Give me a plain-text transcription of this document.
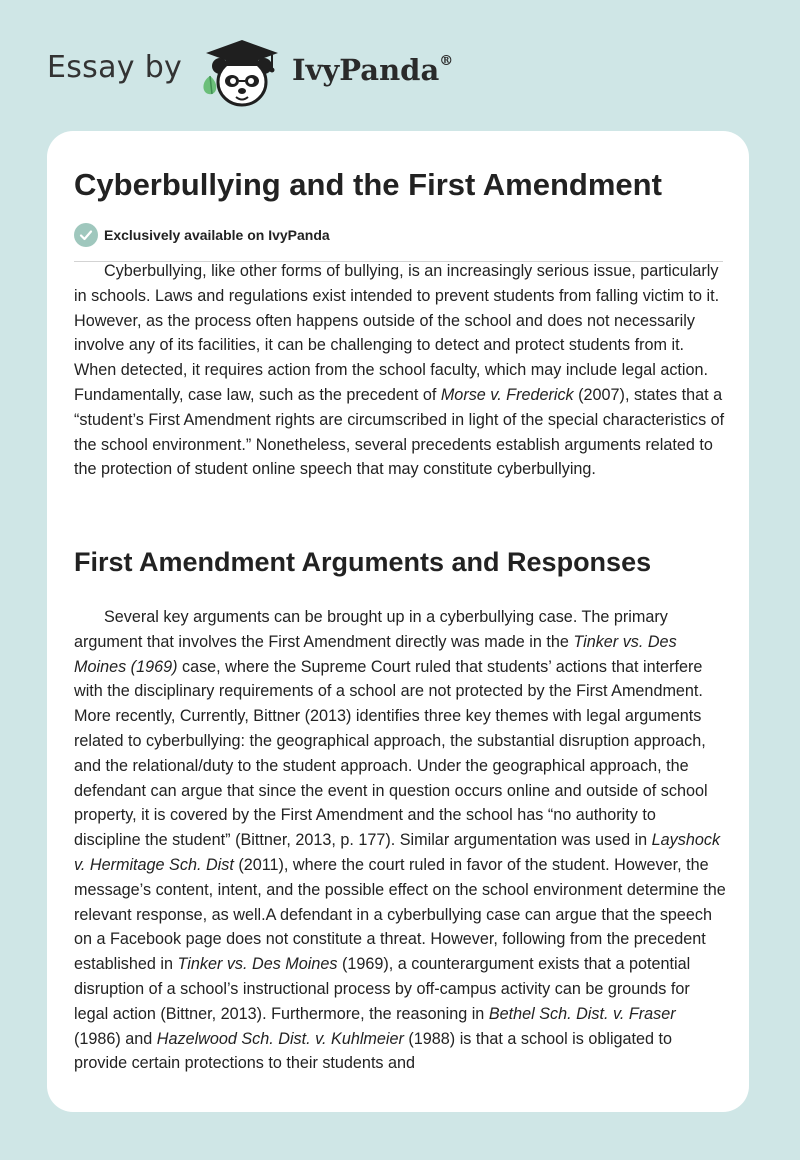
Essay by	IvyPanda®
Cyberbullying and the First Amendment
Exclusively available on IvyPanda

Cyberbullying, like other forms of bullying, is an increasingly serious issue, particularly in schools. Laws and regulations exist intended to prevent students from falling victim to it. However, as the process often happens outside of the school and does not necessarily involve any of its facilities, it can be challenging to detect and protect students from it. When detected, it requires action from the school faculty, which may include legal action. Fundamentally, case law, such as the precedent of Morse v. Frederick (2007), states that a “student’s First Amendment rights are circumscribed in light of the special characteristics of the school environment.” Nonetheless, several precedents establish arguments related to the protection of student online speech that may constitute cyberbullying.

First Amendment Arguments and Responses

Several key arguments can be brought up in a cyberbullying case. The primary argument that involves the First Amendment directly was made in the Tinker vs. Des Moines (1969) case, where the Supreme Court ruled that students’ actions that interfere with the disciplinary requirements of a school are not protected by the First Amendment. More recently, Currently, Bittner (2013) identifies three key themes with legal arguments related to cyberbullying: the geographical approach, the substantial disruption approach, and the relational/duty to the student approach. Under the geographical approach, the defendant can argue that since the event in question occurs online and outside of school property, it is covered by the First Amendment and the school has “no authority to discipline the student” (Bittner, 2013, p. 177). Similar argumentation was used in Layshock v. Hermitage Sch. Dist (2011), where the court ruled in favor of the student. However, the message’s content, intent, and the possible effect on the school environment determine the relevant response, as well.A defendant in a cyberbullying case can argue that the speech on a Facebook page does not constitute a threat. However, following from the precedent established in Tinker vs. Des Moines (1969), a counterargument exists that a potential disruption of a school’s instructional process by off-campus activity can be grounds for legal action (Bittner, 2013). Furthermore, the reasoning in Bethel Sch. Dist. v. Fraser (1986) and Hazelwood Sch. Dist. v. Kuhlmeier (1988) is that a school is obligated to provide certain protections to their students and
